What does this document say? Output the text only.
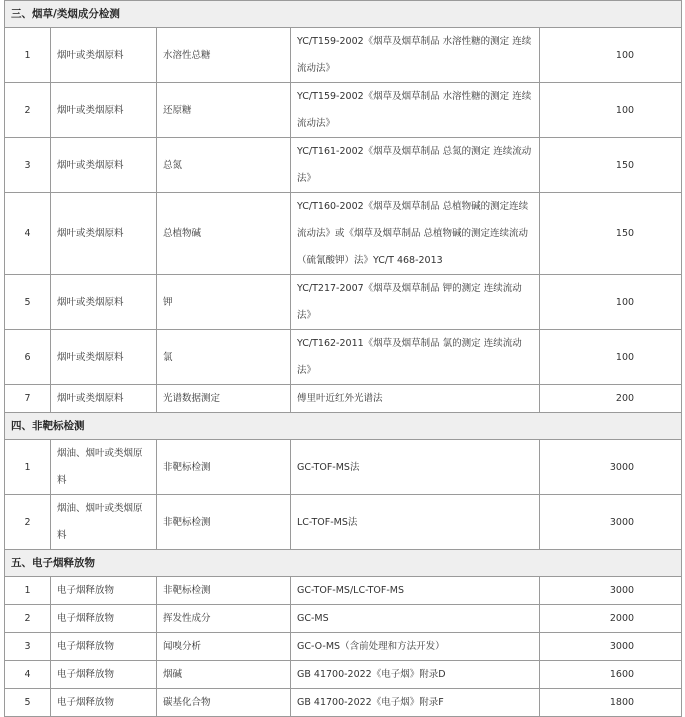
三、烟草/类烟成分检测				
1	烟叶或类烟原料	水溶性总糖	YC/T159-2002《烟草及烟草制品 水溶性糖的测定 连续流动法》	100
2	烟叶或类烟原料	还原糖	YC/T159-2002《烟草及烟草制品 水溶性糖的测定 连续流动法》	100
3	烟叶或类烟原料	总氮	YC/T161-2002《烟草及烟草制品 总氮的测定 连续流动法》	150
4	烟叶或类烟原料	总植物碱	YC/T160-2002《烟草及烟草制品 总植物碱的测定连续流动法》或《烟草及烟草制品 总植物碱的测定连续流动（硫氰酸钾）法》YC/T 468-2013	150
5	烟叶或类烟原料	钾	YC/T217-2007《烟草及烟草制品 钾的测定 连续流动法》	100
6	烟叶或类烟原料	氯	YC/T162-2011《烟草及烟草制品 氯的测定 连续流动法》	100
7	烟叶或类烟原料	光谱数据测定	傅里叶近红外光谱法	200
四、非靶标检测				
1	烟油、烟叶或类烟原料	非靶标检测	GC-TOF-MS法	3000
2	烟油、烟叶或类烟原料	非靶标检测	LC-TOF-MS法	3000
五、电子烟释放物				
1	电子烟释放物	非靶标检测	GC-TOF-MS/LC-TOF-MS	3000
2	电子烟释放物	挥发性成分	GC-MS	2000
3	电子烟释放物	闻嗅分析	GC-O-MS（含前处理和方法开发）	3000
4	电子烟释放物	烟碱	GB 41700-2022《电子烟》附录D	1600
5	电子烟释放物	碳基化合物	GB 41700-2022《电子烟》附录F	1800
